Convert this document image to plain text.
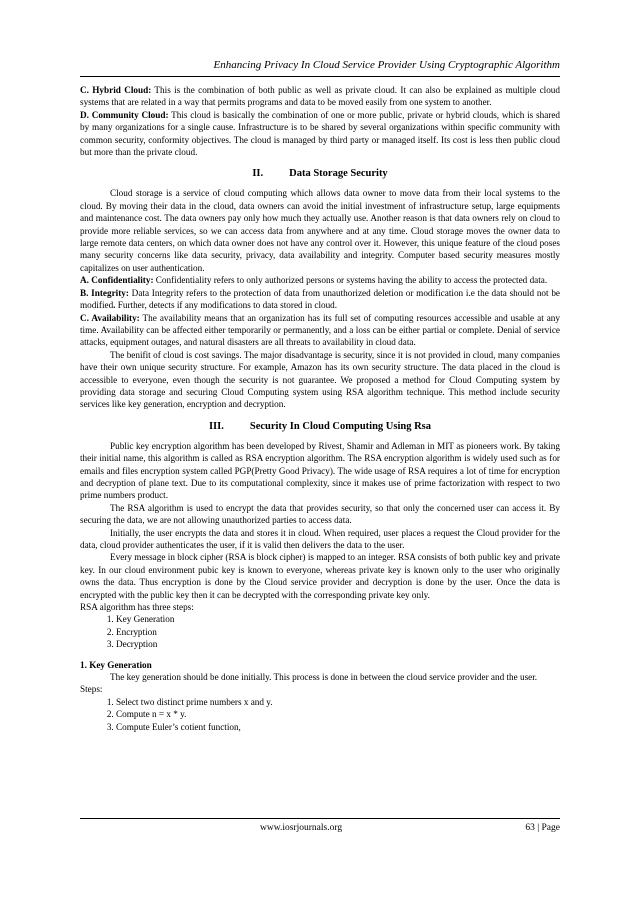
Enhancing Privacy In Cloud Service Provider Using Cryptographic Algorithm

C. Hybrid Cloud: This is the combination of both public as well as private cloud. It can also be explained as multiple cloud systems that are related in a way that permits programs and data to be moved easily from one system to another.

D. Community Cloud: This cloud is basically the combination of one or more public, private or hybrid clouds, which is shared by many organizations for a single cause. Infrastructure is to be shared by several organizations within specific community with common security, conformity objectives. The cloud is managed by third party or managed itself. Its cost is less then public cloud but more than the private cloud.

II. Data Storage Security

Cloud storage is a service of cloud computing which allows data owner to move data from their local systems to the cloud. By moving their data in the cloud, data owners can avoid the initial investment of infrastructure setup, large equipments and maintenance cost. The data owners pay only how much they actually use. Another reason is that data owners rely on cloud to provide more reliable services, so we can access data from anywhere and at any time. Cloud storage moves the owner data to large remote data centers, on which data owner does not have any control over it. However, this unique feature of the cloud poses many security concerns like data security, privacy, data availability and integrity. Computer based security measures mostly capitalizes on user authentication.

A. Confidentiality: Confidentiality refers to only authorized persons or systems having the ability to access the protected data.

B. Integrity: Data Integrity refers to the protection of data from unauthorized deletion or modification i.e the data should not be modified. Further, detects if any modifications to data stored in cloud.

C. Availability: The availability means that an organization has its full set of computing resources accessible and usable at any time. Availability can be affected either temporarily or permanently, and a loss can be either partial or complete. Denial of service attacks, equipment outages, and natural disasters are all threats to availability in cloud data.

The benifit of cloud is cost savings. The major disadvantage is security, since it is not provided in cloud, many companies have their own unique security structure. For example, Amazon has its own security structure. The data placed in the cloud is accessible to everyone, even though the security is not guarantee. We proposed a method for Cloud Computing system by providing data storage and securing Cloud Computing system using RSA algorithm technique. This method include security services like key generation, encryption and decryption.

III. Security In Cloud Computing Using Rsa

Public key encryption algorithm has been developed by Rivest, Shamir and Adleman in MIT as pioneers work. By taking their initial name, this algorithm is called as RSA encryption algorithm. The RSA encryption algorithm is widely used such as for emails and files encryption system called PGP(Pretty Good Privacy). The wide usage of RSA requires a lot of time for encryption and decryption of plane text. Due to its computational complexity, since it makes use of prime factorization with respect to two prime numbers product.

The RSA algorithm is used to encrypt the data that provides security, so that only the concerned user can access it. By securing the data, we are not allowing unauthorized parties to access data.

Initially, the user encrypts the data and stores it in cloud. When required, user places a request the Cloud provider for the data, cloud provider authenticates the user, if it is valid then delivers the data to the user.

Every message in block cipher (RSA is block cipher) is mapped to an integer. RSA consists of both public key and private key. In our cloud environment pubic key is known to everyone, whereas private key is known only to the user who originally owns the data. Thus encryption is done by the Cloud service provider and decryption is done by the user. Once the data is encrypted with the public key then it can be decrypted with the corresponding private key only.

RSA algorithm has three steps:

1. Key Generation
2. Encryption
3. Decryption
1. Key Generation

The key generation should be done initially. This process is done in between the cloud service provider and the user.

Steps:

1. Select two distinct prime numbers x and y.
2. Compute n = x * y.
3. Compute Euler’s cotient function,
www.iosrjournals.org	63 | Page
